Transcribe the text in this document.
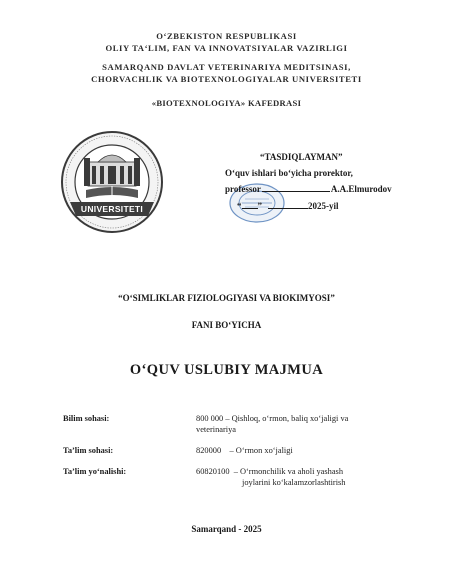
O‘ZBEKISTON RESPUBLIKASI
OLIY TA‘LIM, FAN VA INNOVATSIYALAR VAZIRLIGI
SAMARQAND DAVLAT VETERINARIYA MEDITSINASI,
CHORVACHLIK VA BIOTEXNOLOGIYALAR UNIVERSITETI
«BIOTEXNOLOGIYA» KAFEDRASI
UNIVERSITETI
“TASDIQLAYMAN”
O‘quv ishlari bo‘yicha prorektor,
professor	A.A.Elmurodov
“ ”	2025-yil
“O‘SIMLIKLAR FIZIOLOGIYASI VA BIOKIMYOSI”
FANI BO‘YICHA
O‘QUV USLUBIY MAJMUA
Bilim sohasi:	800 000 – Qishloq, o‘rmon, baliq xo‘jaligi va
veterinariya
Ta’lim sohasi:	820000    – O‘rmon xo‘jaligi
Ta’lim yo‘nalishi:	60820100  – O‘rmonchilik va aholi yashash
joylarini ko‘kalamzorlashtirish
Samarqand - 2025
